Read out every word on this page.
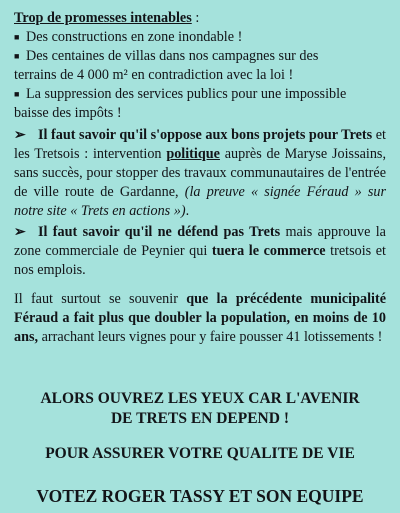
Trop de promesses intenables :
■ Des constructions en zone inondable !
■ Des centaines de villas dans nos campagnes sur des
terrains de 4 000 m² en contradiction avec la loi !
■ La suppression des services publics pour une impossible
baisse des impôts !
➢ Il faut savoir qu'il s'oppose aux bons projets pour Trets et les Tretsois : intervention politique auprès de Maryse Joissains, sans succès, pour stopper des travaux communautaires de l'entrée de ville route de Gardanne, (la preuve « signée Féraud » sur notre site « Trets en actions »).
➢ Il faut savoir qu'il ne défend pas Trets mais approuve la zone commerciale de Peynier qui tuera le commerce tretsois et nos emplois.
Il faut surtout se souvenir que la précédente municipalité Féraud a fait plus que doubler la population, en moins de 10 ans, arrachant leurs vignes pour y faire pousser 41 lotissements !
ALORS OUVREZ LES YEUX CAR L'AVENIR
DE TRETS EN DEPEND !
POUR ASSURER VOTRE QUALITE DE VIE
VOTEZ ROGER TASSY ET SON EQUIPE
